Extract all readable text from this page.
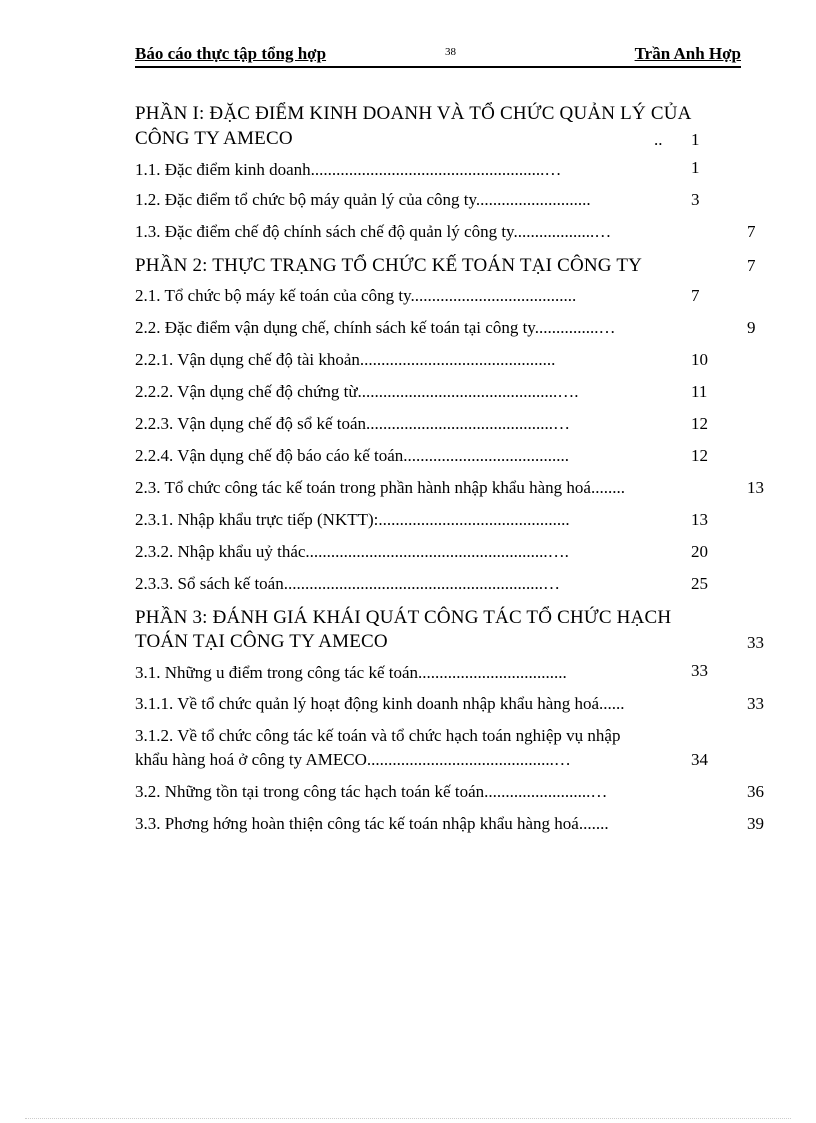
Báo cáo thực tập tổng hợp	38	Trần Anh Hợp
PHẦN I: ĐẶC ĐIỂM KINH DOANH VÀ TỔ CHỨC QUẢN LÝ CỦA
CÔNG TY AMECO	.. 1
1.1. Đặc điểm kinh doanh.......................................................…	1
1.2. Đặc điểm tổ chức bộ máy quản lý của công ty...........................	3
1.3. Đặc điểm chế độ chính sách chế độ quản lý công ty...................…	7
PHẦN 2: THỰC TRẠNG TỔ CHỨC KẾ TOÁN TẠI CÔNG TY	7
2.1. Tổ chức bộ máy kế toán của công ty.......................................	7
2.2. Đặc điểm vận dụng chế, chính sách kế toán tại công ty...............…	9
2.2.1. Vận dụng chế độ tài khoản..............................................	10
2.2.2. Vận dụng chế độ chứng từ...............................................….	11
2.2.3. Vận dụng chế độ sổ kế toán............................................…	12
2.2.4. Vận dụng chế độ báo cáo kế toán.......................................	12
2.3. Tổ chức công tác kế toán trong phần hành nhập khẩu hàng hoá........	13
2.3.1. Nhập khẩu trực tiếp (NKTT):.............................................	13
2.3.2. Nhập khẩu uỷ thác.........................................................….	20
2.3.3. Sổ sách kế toán.............................................................…	25
PHẦN 3: ĐÁNH GIÁ KHÁI QUÁT CÔNG TÁC TỔ CHỨC HẠCH
TOÁN TẠI CÔNG TY AMECO	33
3.1. Những u điểm trong công tác kế toán...................................	33
3.1.1. Về tổ chức quản lý hoạt động kinh doanh nhập khẩu hàng hoá......	33
3.1.2. Về tổ chức công tác kế toán và tổ chức hạch toán nghiệp vụ nhập
khẩu hàng hoá ở công ty AMECO............................................…	34
3.2. Những tồn tại trong công tác hạch toán kế toán.........................…	36
3.3. Phơng hớng hoàn thiện công tác kế toán nhập khẩu hàng hoá.......	39
